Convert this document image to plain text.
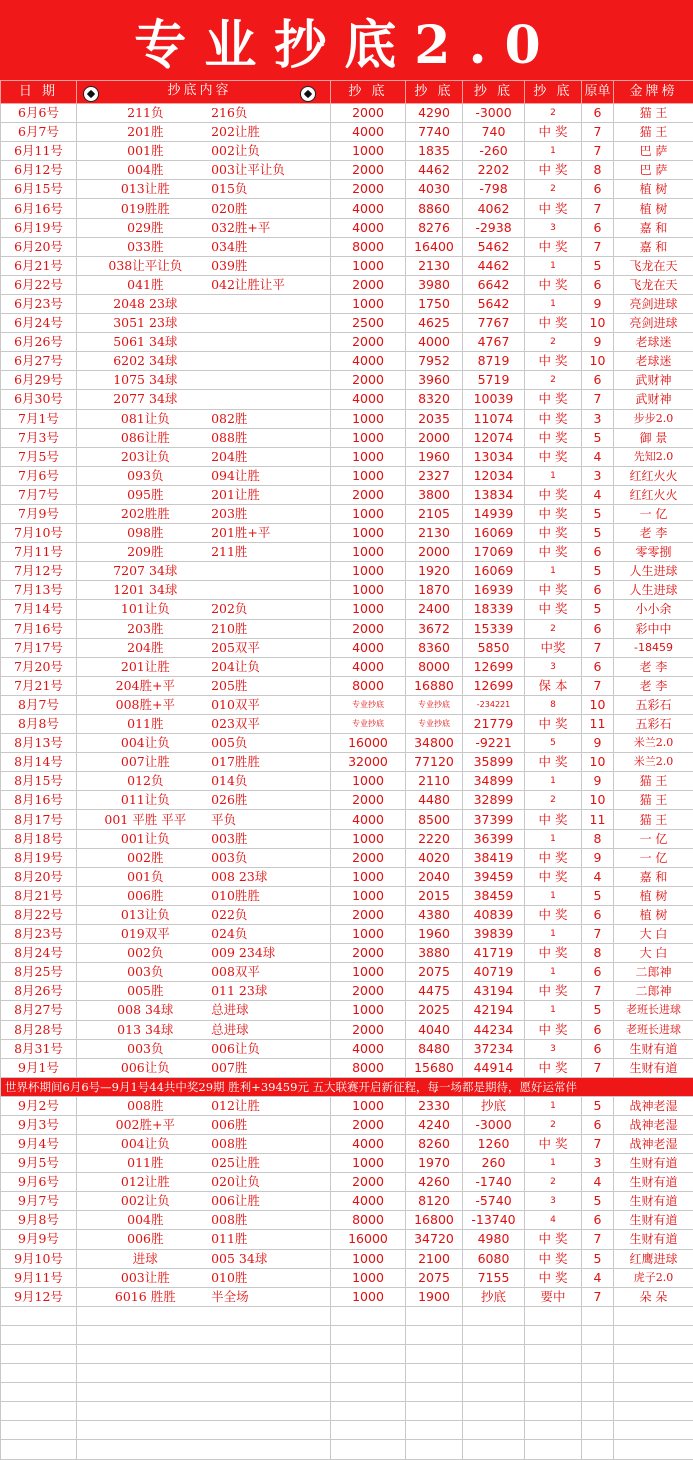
专业抄底2.0
日 期	抄底内容	抄 底	抄 底	抄 底	抄 底	原单	金牌榜
6月6号	211负 216负	2000	4290	-3000	2	6	猫 王
6月7号	201胜 202让胜	4000	7740	740	中 奖	7	猫 王
6月11号	001胜 002让负	1000	1835	-260	1	7	巴 萨
6月12号	004胜 003让平让负	2000	4462	2202	中 奖	8	巴 萨
6月15号	013让胜 015负	2000	4030	-798	2	6	植 树
6月16号	019胜胜 020胜	4000	8860	4062	中 奖	7	植 树
6月19号	029胜 032胜+平	4000	8276	-2938	3	6	嘉 和
6月20号	033胜 034胜	8000	16400	5462	中 奖	7	嘉 和
6月21号	038让平让负 039胜	1000	2130	4462	1	5	飞龙在天
6月22号	041胜 042让胜让平	2000	3980	6642	中 奖	6	飞龙在天
6月23号	2048 23球	1000	1750	5642	1	9	亮剑进球
6月24号	3051 23球	2500	4625	7767	中 奖	10	亮剑进球
6月26号	5061 34球	2000	4000	4767	2	9	老球迷
6月27号	6202 34球	4000	7952	8719	中 奖	10	老球迷
6月29号	1075 34球	2000	3960	5719	2	6	武财神
6月30号	2077 34球	4000	8320	10039	中 奖	7	武财神
7月1号	081让负 082胜	1000	2035	11074	中 奖	3	步步2.0
7月3号	086让胜 088胜	1000	2000	12074	中 奖	5	御 景
7月5号	203让负 204胜	1000	1960	13034	中 奖	4	先知2.0
7月6号	093负 094让胜	1000	2327	12034	1	3	红红火火
7月7号	095胜 201让胜	2000	3800	13834	中 奖	4	红红火火
7月9号	202胜胜 203胜	1000	2105	14939	中 奖	5	一 亿
7月10号	098胜 201胜+平	1000	2130	16069	中 奖	5	老 李
7月11号	209胜 211胜	1000	2000	17069	中 奖	6	零零捌
7月12号	7207 34球	1000	1920	16069	1	5	人生进球
7月13号	1201 34球	1000	1870	16939	中 奖	6	人生进球
7月14号	101让负 202负	1000	2400	18339	中 奖	5	小小余
7月16号	203胜 210胜	2000	3672	15339	2	6	彩中中
7月17号	204胜 205双平	4000	8360	5850	中奖	7	-18459
7月20号	201让胜 204让负	4000	8000	12699	3	6	老 李
7月21号	204胜+平 205胜	8000	16880	12699	保 本	7	老 李
8月7号	008胜+平 010双平	专业抄底	专业抄底	-234221	8	10	五彩石
8月8号	011胜 023双平	专业抄底	专业抄底	21779	中 奖	11	五彩石
8月13号	004让负 005负	16000	34800	-9221	5	9	米兰2.0
8月14号	007让胜 017胜胜	32000	77120	35899	中 奖	10	米兰2.0
8月15号	012负 014负	1000	2110	34899	1	9	猫 王
8月16号	011让负 026胜	2000	4480	32899	2	10	猫 王
8月17号	001 平胜 平平 平负	4000	8500	37399	中 奖	11	猫 王
8月18号	001让负 003胜	1000	2220	36399	1	8	一 亿
8月19号	002胜 003负	2000	4020	38419	中 奖	9	一 亿
8月20号	001负 008 23球	1000	2040	39459	中 奖	4	嘉 和
8月21号	006胜 010胜胜	1000	2015	38459	1	5	植 树
8月22号	013让负 022负	2000	4380	40839	中 奖	6	植 树
8月23号	019双平 024负	1000	1960	39839	1	7	大 白
8月24号	002负 009 234球	2000	3880	41719	中 奖	8	大 白
8月25号	003负 008双平	1000	2075	40719	1	6	二郎神
8月26号	005胜 011 23球	2000	4475	43194	中 奖	7	二郎神
8月27号	008 34球 总进球	1000	2025	42194	1	5	老班长进球
8月28号	013 34球 总进球	2000	4040	44234	中 奖	6	老班长进球
8月31号	003负 006让负	4000	8480	37234	3	6	生财有道
9月1号	006让负 007胜	8000	15680	44914	中 奖	7	生财有道
世界杯期间6月6号—9月1号44共中奖29期 胜利+39459元 五大联赛开启新征程，每一场都是期待，愿好运常伴							
9月2号	008胜 012让胜	1000	2330	抄底	1	5	战神老湿
9月3号	002胜+平 006胜	2000	4240	-3000	2	6	战神老湿
9月4号	004让负 008胜	4000	8260	1260	中 奖	7	战神老湿
9月5号	011胜 025让胜	1000	1970	260	1	3	生财有道
9月6号	012让胜 020让负	2000	4260	-1740	2	4	生财有道
9月7号	002让负 006让胜	4000	8120	-5740	3	5	生财有道
9月8号	004胜 008胜	8000	16800	-13740	4	6	生财有道
9月9号	006胜 011胜	16000	34720	4980	中 奖	7	生财有道
9月10号	进球 005 34球	1000	2100	6080	中 奖	5	红鹰进球
9月11号	003让胜 010胜	1000	2075	7155	中 奖	4	虎子2.0
9月12号	6016 胜胜 半全场	1000	1900	抄底	要中	7	朵 朵
